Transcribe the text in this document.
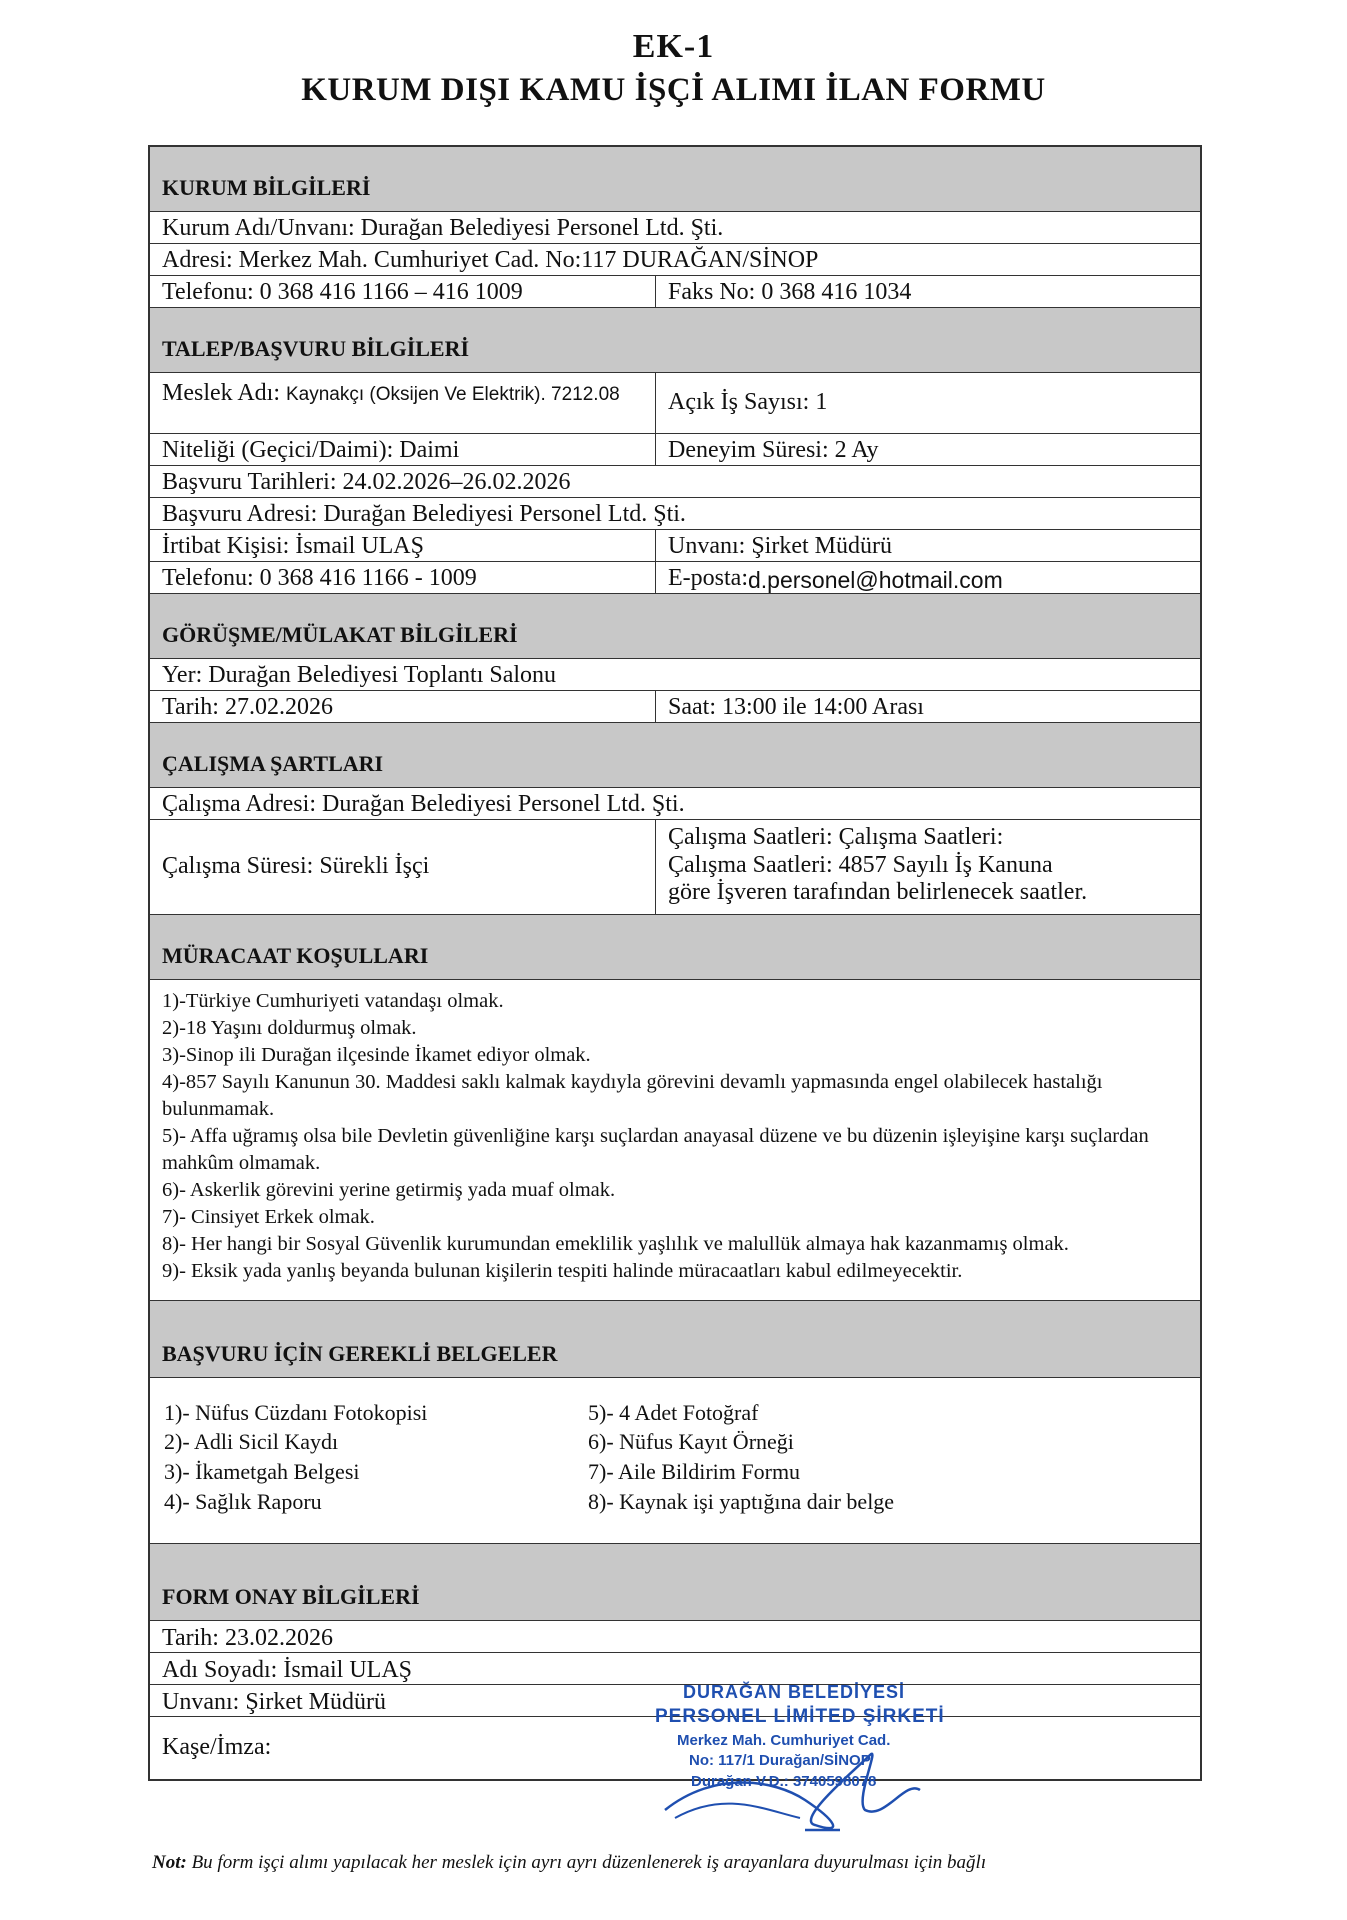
EK-1
KURUM DIŞI KAMU İŞÇİ ALIMI İLAN FORMU
KURUM BİLGİLERİ
Kurum Adı/Unvanı: Durağan Belediyesi Personel Ltd. Şti.
Adresi: Merkez Mah. Cumhuriyet Cad. No:117 DURAĞAN/SİNOP
Telefonu: 0 368 416 1166 – 416 1009	Faks No: 0 368 416 1034
TALEP/BAŞVURU BİLGİLERİ
Meslek Adı: Kaynakçı (Oksijen Ve Elektrik). 7212.08	Açık İş Sayısı: 1
Niteliği (Geçici/Daimi): Daimi	Deneyim Süresi: 2 Ay
Başvuru Tarihleri: 24.02.2026–26.02.2026
Başvuru Adresi: Durağan Belediyesi Personel Ltd. Şti.
İrtibat Kişisi: İsmail ULAŞ	Unvanı: Şirket Müdürü
Telefonu: 0 368 416 1166 - 1009	E-posta: d.personel@hotmail.com
GÖRÜŞME/MÜLAKAT BİLGİLERİ
Yer: Durağan Belediyesi Toplantı Salonu
Tarih: 27.02.2026	Saat: 13:00 ile 14:00 Arası
ÇALIŞMA ŞARTLARI
Çalışma Adresi: Durağan Belediyesi Personel Ltd. Şti.
Çalışma Süresi: Sürekli İşçi
Çalışma Saatleri: Çalışma Saatleri:
Çalışma Saatleri: 4857 Sayılı İş Kanuna
göre İşveren tarafından belirlenecek saatler.
MÜRACAAT KOŞULLARI
1)-Türkiye Cumhuriyeti vatandaşı olmak.
2)-18 Yaşını doldurmuş olmak.
3)-Sinop ili Durağan ilçesinde İkamet ediyor olmak.
4)-857 Sayılı Kanunun 30. Maddesi saklı kalmak kaydıyla görevini devamlı yapmasında engel olabilecek hastalığı bulunmamak.
5)- Affa uğramış olsa bile Devletin güvenliğine karşı suçlardan anayasal düzene ve bu düzenin işleyişine karşı suçlardan mahkûm olmamak.
6)- Askerlik görevini yerine getirmiş yada muaf olmak.
7)- Cinsiyet Erkek olmak.
8)- Her hangi bir Sosyal Güvenlik kurumundan emeklilik yaşlılık ve malullük almaya hak kazanmamış olmak.
9)- Eksik yada yanlış beyanda bulunan kişilerin tespiti halinde müracaatları kabul edilmeyecektir.
BAŞVURU İÇİN GEREKLİ BELGELER
1)- Nüfus Cüzdanı Fotokopisi
2)- Adli Sicil Kaydı
3)- İkametgah Belgesi
4)- Sağlık Raporu
5)- 4 Adet Fotoğraf
6)- Nüfus Kayıt Örneği
7)- Aile Bildirim Formu
8)- Kaynak işi yaptığına dair belge
FORM ONAY BİLGİLERİ
Tarih: 23.02.2026
Adı Soyadı: İsmail ULAŞ
Unvanı: Şirket Müdürü
Kaşe/İmza:
DURAĞAN BELEDİYESİ
PERSONEL LİMİTED ŞİRKETİ
Merkez Mah. Cumhuriyet Cad.
No: 117/1 Durağan/SİNOP
Durağan V.D.: 3740598078
Not: Bu form işçi alımı yapılacak her meslek için ayrı ayrı düzenlenerek iş arayanlara duyurulması için bağlı
